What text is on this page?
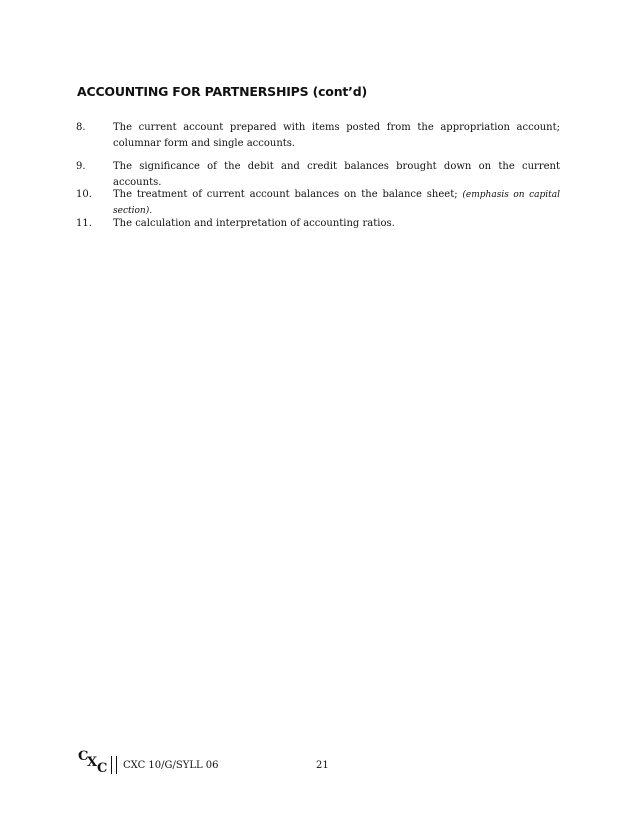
ACCOUNTING FOR PARTNERSHIPS (cont’d)
8.	The current account prepared with items posted from the appropriation account; columnar form and single accounts.
9.	The significance of the debit and credit balances brought down on the current accounts.
10.	The treatment of current account balances on the balance sheet; (emphasis on capital section).
11.	The calculation and interpretation of accounting ratios.
C
X C CXC 10/G/SYLL 06	21
